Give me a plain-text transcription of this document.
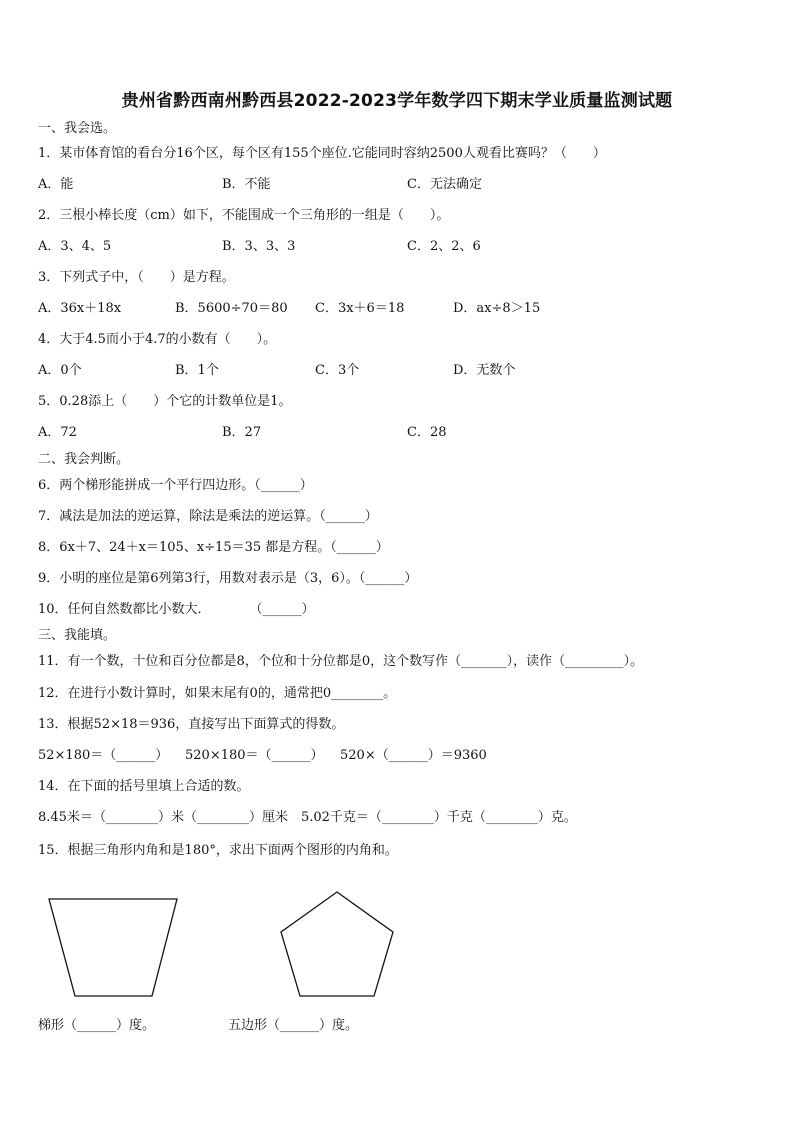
贵州省黔西南州黔西县2022-2023学年数学四下期末学业质量监测试题
一、我会选。
1．某市体育馆的看台分16个区，每个区有155个座位.它能同时容纳2500人观看比赛吗？（　　）
A．能	B．不能	C．无法确定
2．三根小棒长度（cm）如下，不能围成一个三角形的一组是（　　）。
A．3、4、5	B．3、3、3	C．2、2、6
3．下列式子中，（　　）是方程。
A．36x＋18x	B．5600÷70＝80 C．3x＋6＝18	D．ax÷8＞15
4．大于4.5而小于4.7的小数有（　　）。
A．0个	B．1个	C．3个	D．无数个
5．0.28添上（　　）个它的计数单位是1。
A．72	B．27	C．28
二、我会判断。
6．两个梯形能拼成一个平行四边形。（______）
7．减法是加法的逆运算，除法是乘法的逆运算。（______）
8．6x＋7、24＋x＝105、x÷15＝35 都是方程。（______）
9．小明的座位是第6列第3行，用数对表示是（3，6）。（______）
10．任何自然数都比小数大．　　　　（______）
三、我能填。
11．有一个数，十位和百分位都是8，个位和十分位都是0，这个数写作（_______），读作（_________）。
12．在进行小数计算时，如果末尾有0的，通常把0________。
13．根据52×18＝936，直接写出下面算式的得数。
52×180＝（______） 520×180＝（______） 520×（______）＝9360
14．在下面的括号里填上合适的数。
8.45米＝（________）米（________）厘米　5.02千克＝（________）千克（________）克。
15．根据三角形内角和是180°，求出下面两个图形的内角和。
梯形（______）度。	五边形（______）度。
